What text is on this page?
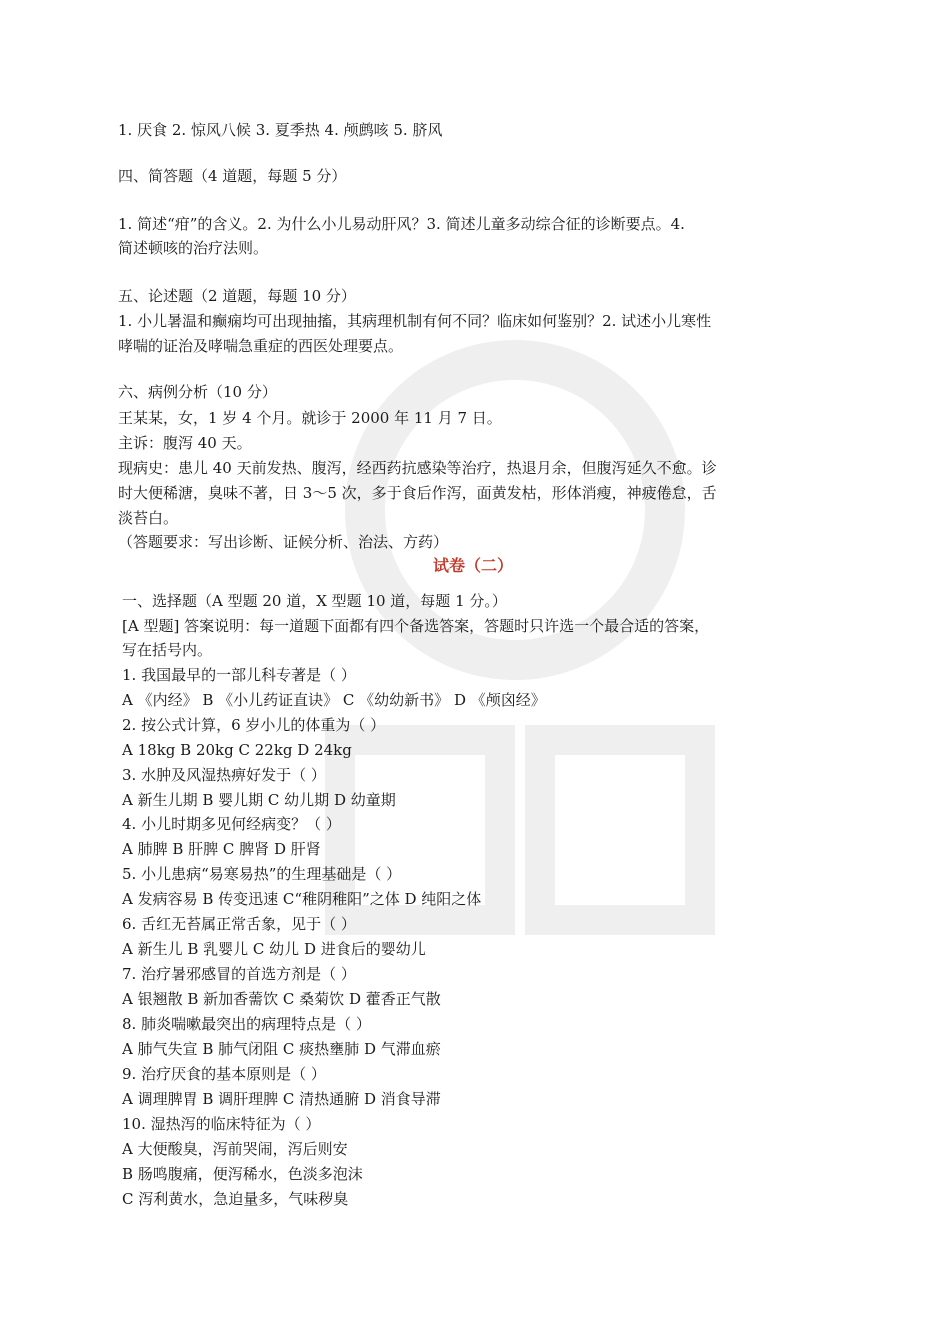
1. 厌食 2. 惊风八候 3. 夏季热 4. 颅鹧咳 5. 脐风
四、简答题（4 道题，每题 5 分）
1. 简述“疳”的含义。2. 为什么小儿易动肝风？3. 简述儿童多动综合征的诊断要点。4.
简述顿咳的治疗法则。
五、论述题（2 道题，每题 10 分）
1. 小儿暑温和癫痫均可出现抽搐，其病理机制有何不同？临床如何鉴别？2. 试述小儿寒性
哮喘的证治及哮喘急重症的西医处理要点。
六、病例分析（10 分）
王某某，女，1 岁 4 个月。就诊于 2000 年 11 月 7 日。
主诉：腹泻 40 天。
现病史：患儿 40 天前发热、腹泻，经西药抗感染等治疗，热退月余，但腹泻延久不愈。诊
时大便稀溏，臭味不著，日 3～5 次，多于食后作泻，面黄发枯，形体消瘦，神疲倦怠，舌
淡苔白。
（答题要求：写出诊断、证候分析、治法、方药）
试卷（二）
一、选择题（A 型题 20 道，X 型题 10 道，每题 1 分。）
[A 型题] 答案说明：每一道题下面都有四个备选答案，答题时只许选一个最合适的答案，
写在括号内。
1. 我国最早的一部儿科专著是（ ）
A 《内经》 B 《小儿药证直诀》 C 《幼幼新书》 D 《颅囟经》
2. 按公式计算，6 岁小儿的体重为（ ）
A 18kg B 20kg C 22kg D 24kg
3. 水肿及风湿热痹好发于（ ）
A 新生儿期 B 婴儿期 C 幼儿期 D 幼童期
4. 小儿时期多见何经病变？（ ）
A 肺脾 B 肝脾 C 脾肾 D 肝肾
5. 小儿患病“易寒易热”的生理基础是（ ）
A 发病容易 B 传变迅速 C“稚阴稚阳”之体 D 纯阳之体
6. 舌红无苔属正常舌象，见于（ ）
A 新生儿 B 乳婴儿 C 幼儿 D 进食后的婴幼儿
7. 治疗暑邪感冒的首选方剂是（ ）
A 银翘散 B 新加香薷饮 C 桑菊饮 D 藿香正气散
8. 肺炎喘嗽最突出的病理特点是（ ）
A 肺气失宣 B 肺气闭阻 C 痰热壅肺 D 气滞血瘀
9. 治疗厌食的基本原则是（ ）
A 调理脾胃 B 调肝理脾 C 清热通腑 D 消食导滞
10. 湿热泻的临床特征为（ ）
A 大便酸臭，泻前哭闹，泻后则安
B 肠鸣腹痛，便泻稀水，色淡多泡沫
C 泻利黄水，急迫量多，气味秽臭
